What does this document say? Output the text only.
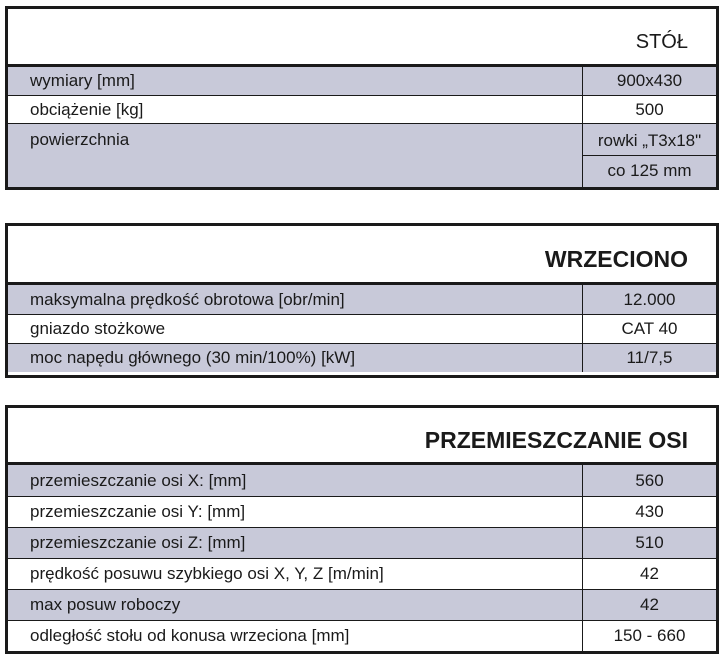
STÓŁ
wymiary [mm]	900x430
obciążenie [kg]	500
powierzchnia	rowki „T3x18"
co 125 mm
WRZECIONO
maksymalna prędkość obrotowa [obr/min]	12.000
gniazdo stożkowe	CAT 40
moc napędu głównego (30 min/100%) [kW]	11/7,5
PRZEMIESZCZANIE OSI
przemieszczanie osi X: [mm]	560
przemieszczanie osi Y: [mm]	430
przemieszczanie osi Z: [mm]	510
prędkość posuwu szybkiego osi X, Y, Z [m/min]	42
max posuw roboczy	42
odległość stołu od konusa wrzeciona [mm]	150 - 660
